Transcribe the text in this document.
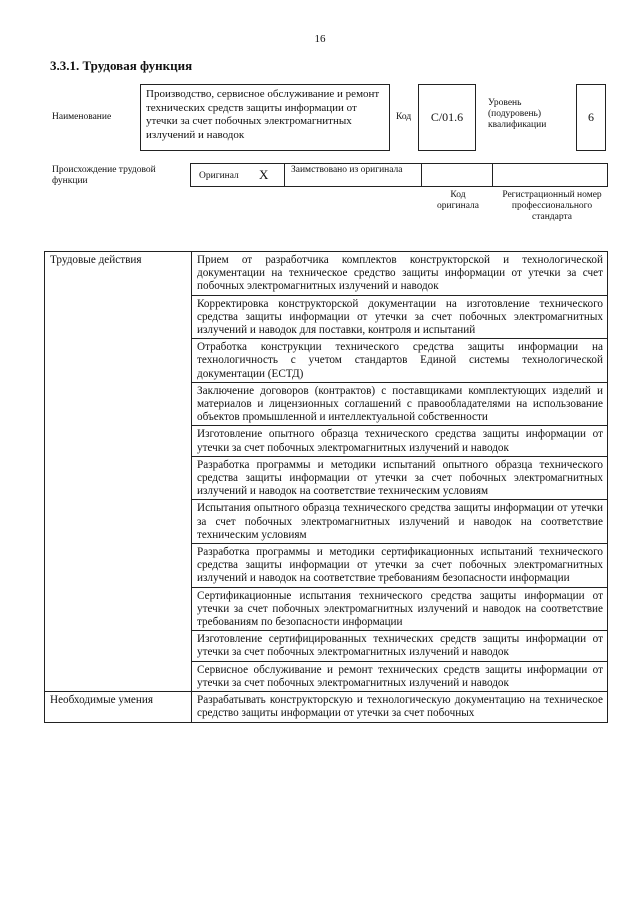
16
3.3.1. Трудовая функция
Наименование
Производство, сервисное обслуживание и ремонт технических средств защиты информации от утечки за счет побочных электромагнитных излучений и наводок
Код C/01.6
Уровень (подуровень) квалификации
6
Происхождение трудовой функции	Оригинал X Заимствовано из оригинала
Код оригинала
Регистрационный номер профессионального стандарта
Трудовые действия	Прием от разработчика комплектов конструкторской и технологической документации на техническое средство защиты информации от утечки за счет побочных электромагнитных излучений и наводок
	Корректировка конструкторской документации на изготовление технического средства защиты информации от утечки за счет побочных электромагнитных излучений и наводок для поставки, контроля и испытаний
	Отработка конструкции технического средства защиты информации на технологичность с учетом стандартов Единой системы технологической документации (ЕСТД)
	Заключение договоров (контрактов) с поставщиками комплектующих изделий и материалов и лицензионных соглашений с правообладателями на использование объектов промышленной и интеллектуальной собственности
	Изготовление опытного образца технического средства защиты информации от утечки за счет побочных электромагнитных излучений и наводок
	Разработка программы и методики испытаний опытного образца технического средства защиты информации от утечки за счет побочных электромагнитных излучений и наводок на соответствие техническим условиям
	Испытания опытного образца технического средства защиты информации от утечки за счет побочных электромагнитных излучений и наводок на соответствие техническим условиям
	Разработка программы и методики сертификационных испытаний технического средства защиты информации от утечки за счет побочных электромагнитных излучений и наводок на соответствие требованиям безопасности информации
	Сертификационные испытания технического средства защиты информации от утечки за счет побочных электромагнитных излучений и наводок на соответствие требованиям по безопасности информации
	Изготовление сертифицированных технических средств защиты информации от утечки за счет побочных электромагнитных излучений и наводок
	Сервисное обслуживание и ремонт технических средств защиты информации от утечки за счет побочных электромагнитных излучений и наводок
Необходимые умения	Разрабатывать конструкторскую и технологическую документацию на техническое средство защиты информации от утечки за счет побочных
